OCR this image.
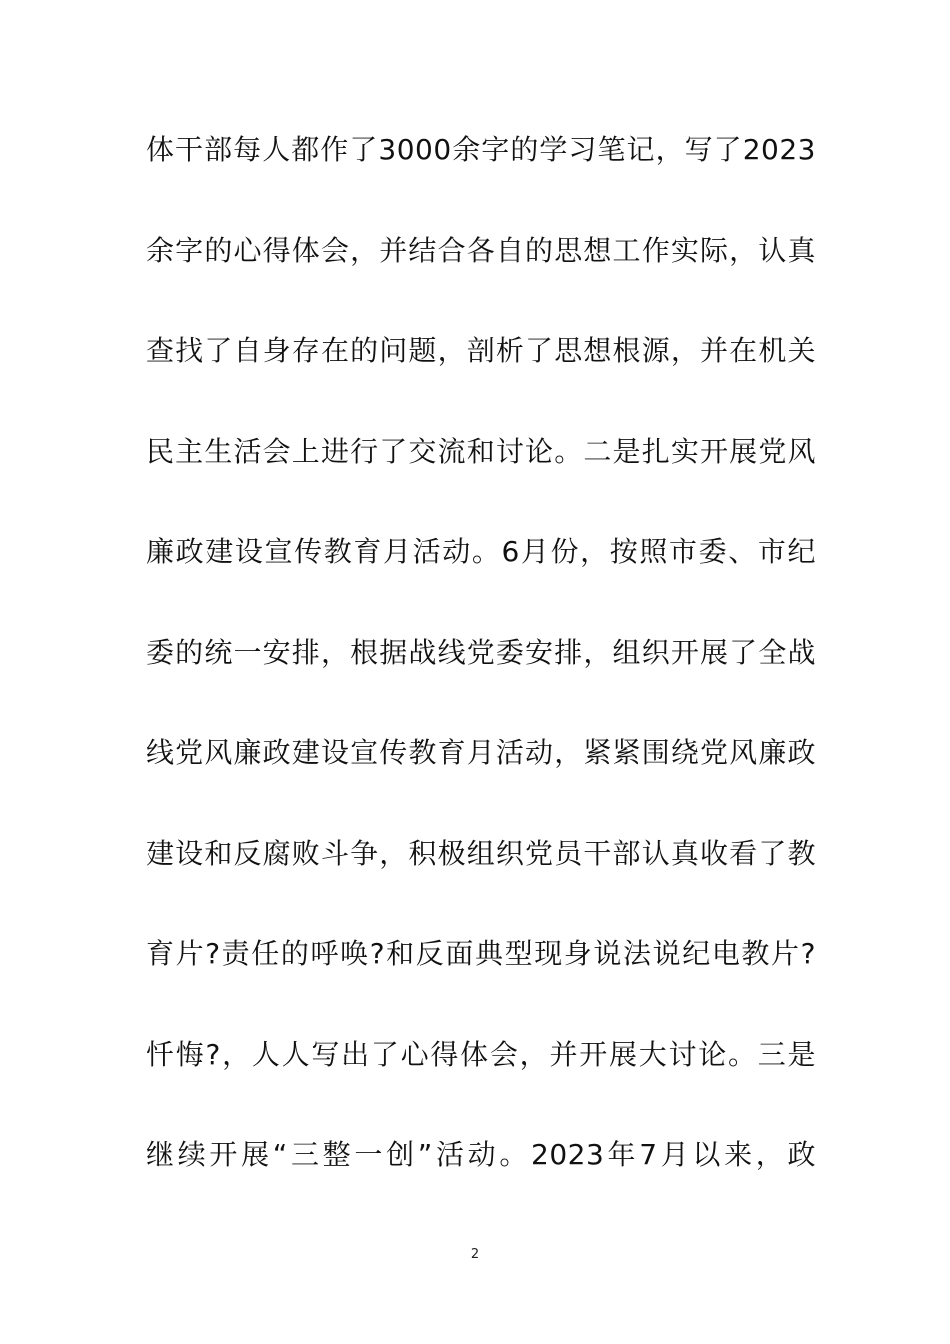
体干部每人都作了3000余字的学习笔记，写了2023
余字的心得体会，并结合各自的思想工作实际，认真
查找了自身存在的问题，剖析了思想根源，并在机关
民主生活会上进行了交流和讨论。二是扎实开展党风
廉政建设宣传教育月活动。6月份，按照市委、市纪
委的统一安排，根据战线党委安排，组织开展了全战
线党风廉政建设宣传教育月活动，紧紧围绕党风廉政
建设和反腐败斗争，积极组织党员干部认真收看了教
育片?责任的呼唤?和反面典型现身说法说纪电教片?
忏悔?，人人写出了心得体会，并开展大讨论。三是
继续开展“三整一创”活动。2023年7月以来，政
2
